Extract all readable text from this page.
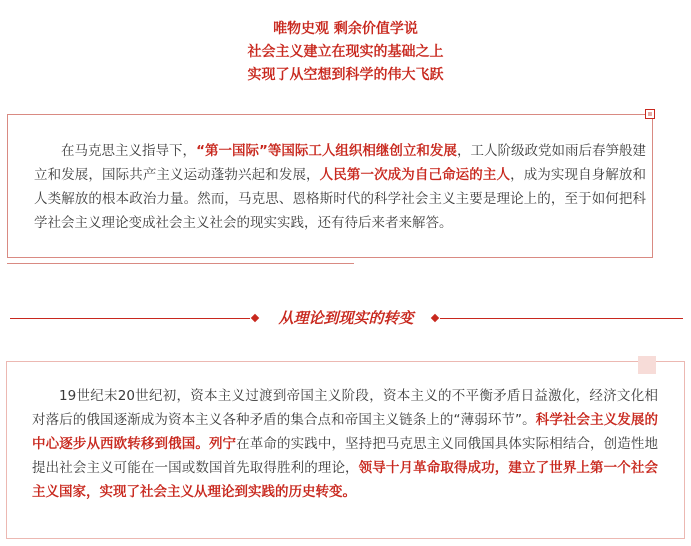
唯物史观 剩余价值学说
社会主义建立在现实的基础之上
实现了从空想到科学的伟大飞跃

在马克思主义指导下，“第一国际”等国际工人组织相继创立和发展，工人阶级政党如雨后春笋般建立和发展，国际共产主义运动蓬勃兴起和发展，人民第一次成为自己命运的主人，成为实现自身解放和人类解放的根本政治力量。然而，马克思、恩格斯时代的科学社会主义主要是理论上的，至于如何把科学社会主义理论变成社会主义社会的现实实践，还有待后来者来解答。

从理论到现实的转变

19世纪末20世纪初，资本主义过渡到帝国主义阶段，资本主义的不平衡矛盾日益激化，经济文化相对落后的俄国逐渐成为资本主义各种矛盾的集合点和帝国主义链条上的“薄弱环节”。科学社会主义发展的中心逐步从西欧转移到俄国。列宁在革命的实践中，坚持把马克思主义同俄国具体实际相结合，创造性地提出社会主义可能在一国或数国首先取得胜利的理论，领导十月革命取得成功，建立了世界上第一个社会主义国家，实现了社会主义从理论到实践的历史转变。
